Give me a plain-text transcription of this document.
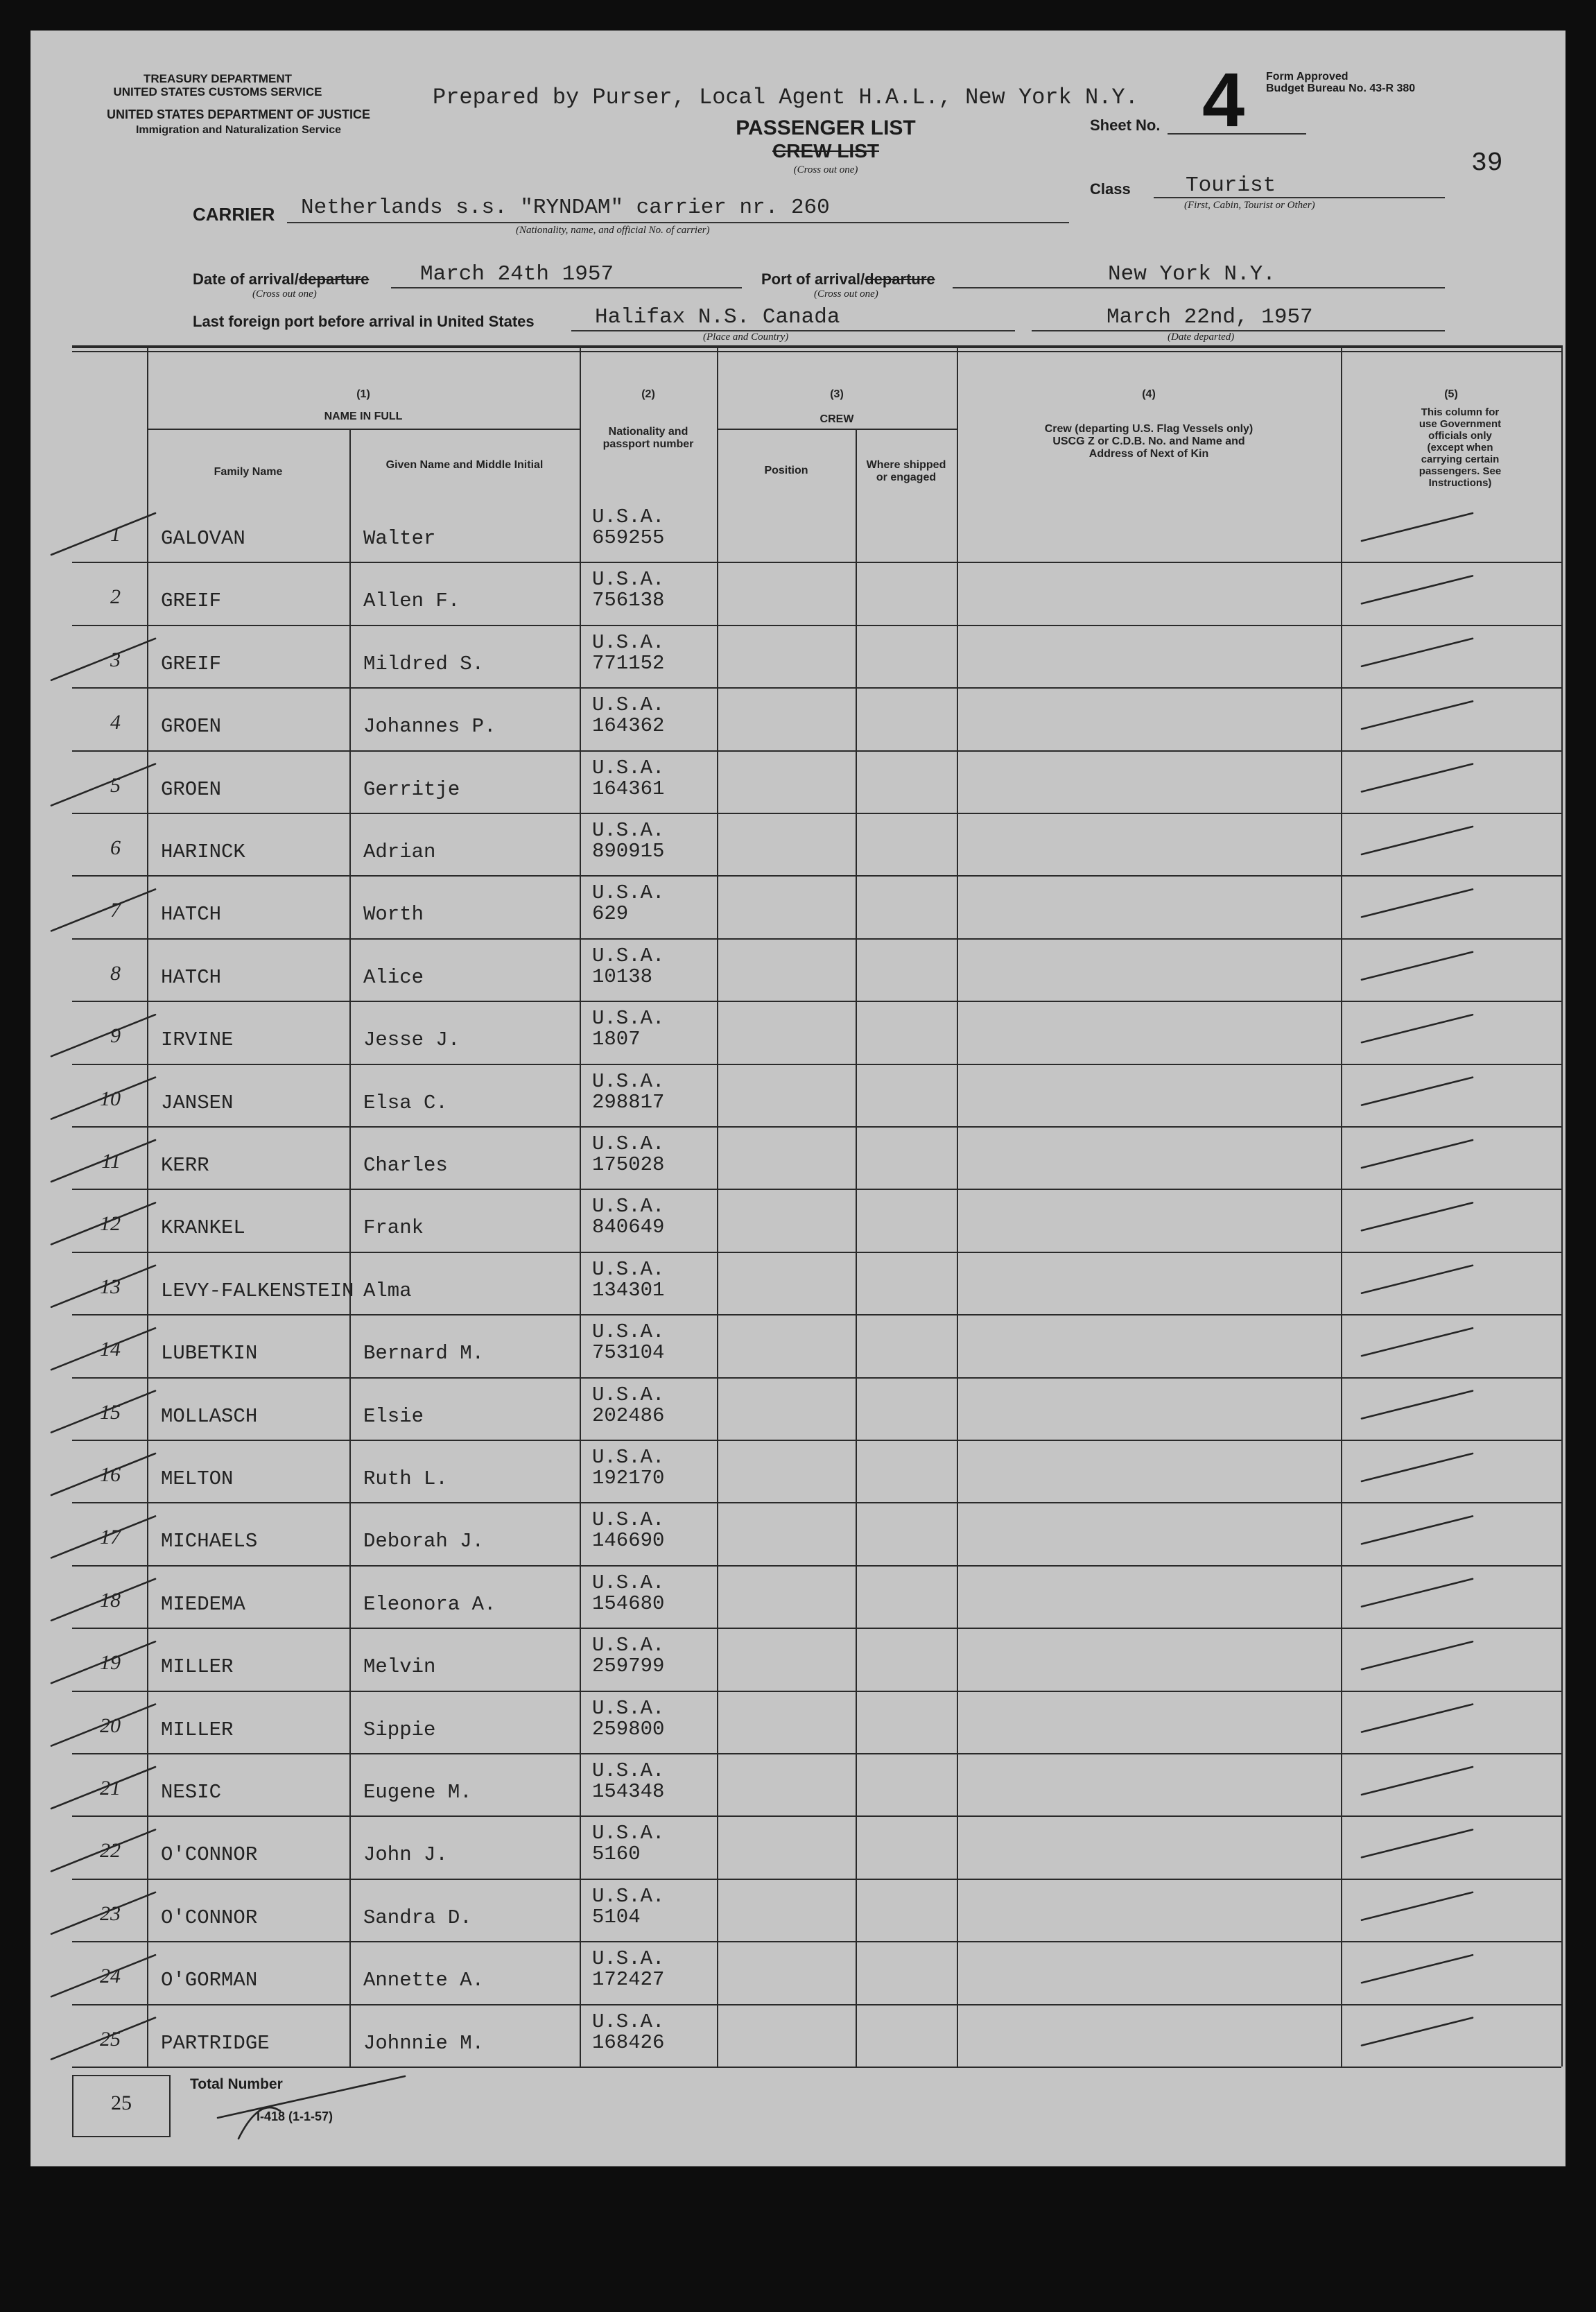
TREASURY DEPARTMENT
UNITED STATES CUSTOMS SERVICE
UNITED STATES DEPARTMENT OF JUSTICE
Immigration and Naturalization Service
Prepared by Purser, Local Agent H.A.L., New York N.Y.
PASSENGER LIST
CREW LIST
(Cross out one)
Sheet No. 4 Form Approved
Budget Bureau No. 43-R 380
39
CARRIER Netherlands s.s. "RYNDAM" carrier nr. 260
(Nationality, name, and official No. of carrier)
Class	Tourist
(First, Cabin, Tourist or Other)
Date of arrival/departure
(Cross out one)
March 24th 1957	Port of arrival/departure
(Cross out one)
New York N.Y.
Last foreign port before arrival in United States	Halifax N.S. Canada
(Place and Country)
March 22nd, 1957
(Date departed)
(1)
NAME IN FULL
Family Name
Given Name and Middle Initial
(2)
Nationality and passport number
(3)
CREW
Position	Where shipped or engaged
(4)
Crew (departing U.S. Flag Vessels only) USCG Z or C.D.B. No. and Name and Address of Next of Kin
(5)
This column for use Government officials only (except when carrying certain passengers. See Instructions)
1 GALOVAN	Walter
U.S.A.
659255
2 GREIF	Allen F.
U.S.A.
756138
3 GREIF	Mildred S.
U.S.A.
771152
4 GROEN	Johannes P.
U.S.A.
164362
5 GROEN	Gerritje
U.S.A.
164361
6 HARINCK	Adrian
U.S.A.
890915
7 HATCH	Worth
U.S.A.
629
8 HATCH	Alice
U.S.A.
10138
9 IRVINE	Jesse J.
U.S.A.
1807
10 JANSEN	Elsa C.
U.S.A.
298817
11 KERR	Charles
U.S.A.
175028
12 KRANKEL	Frank
U.S.A.
840649
13 LEVY-FALKENSTEIN Alma
U.S.A.
134301
14 LUBETKIN	Bernard M.
U.S.A.
753104
15 MOLLASCH	Elsie
U.S.A.
202486
16 MELTON	Ruth L.
U.S.A.
192170
17 MICHAELS	Deborah J.
U.S.A.
146690
18 MIEDEMA	Eleonora A.
U.S.A.
154680
19 MILLER	Melvin
U.S.A.
259799
20 MILLER	Sippie
U.S.A.
259800
21 NESIC	Eugene M.
U.S.A.
154348
22 O'CONNOR	John J.
U.S.A.
5160
23 O'CONNOR	Sandra D.
U.S.A.
5104
24 O'GORMAN	Annette A.
U.S.A.
172427
25 PARTRIDGE	Johnnie M.
U.S.A.
168426
25
Total Number
I-418 (1-1-57)
